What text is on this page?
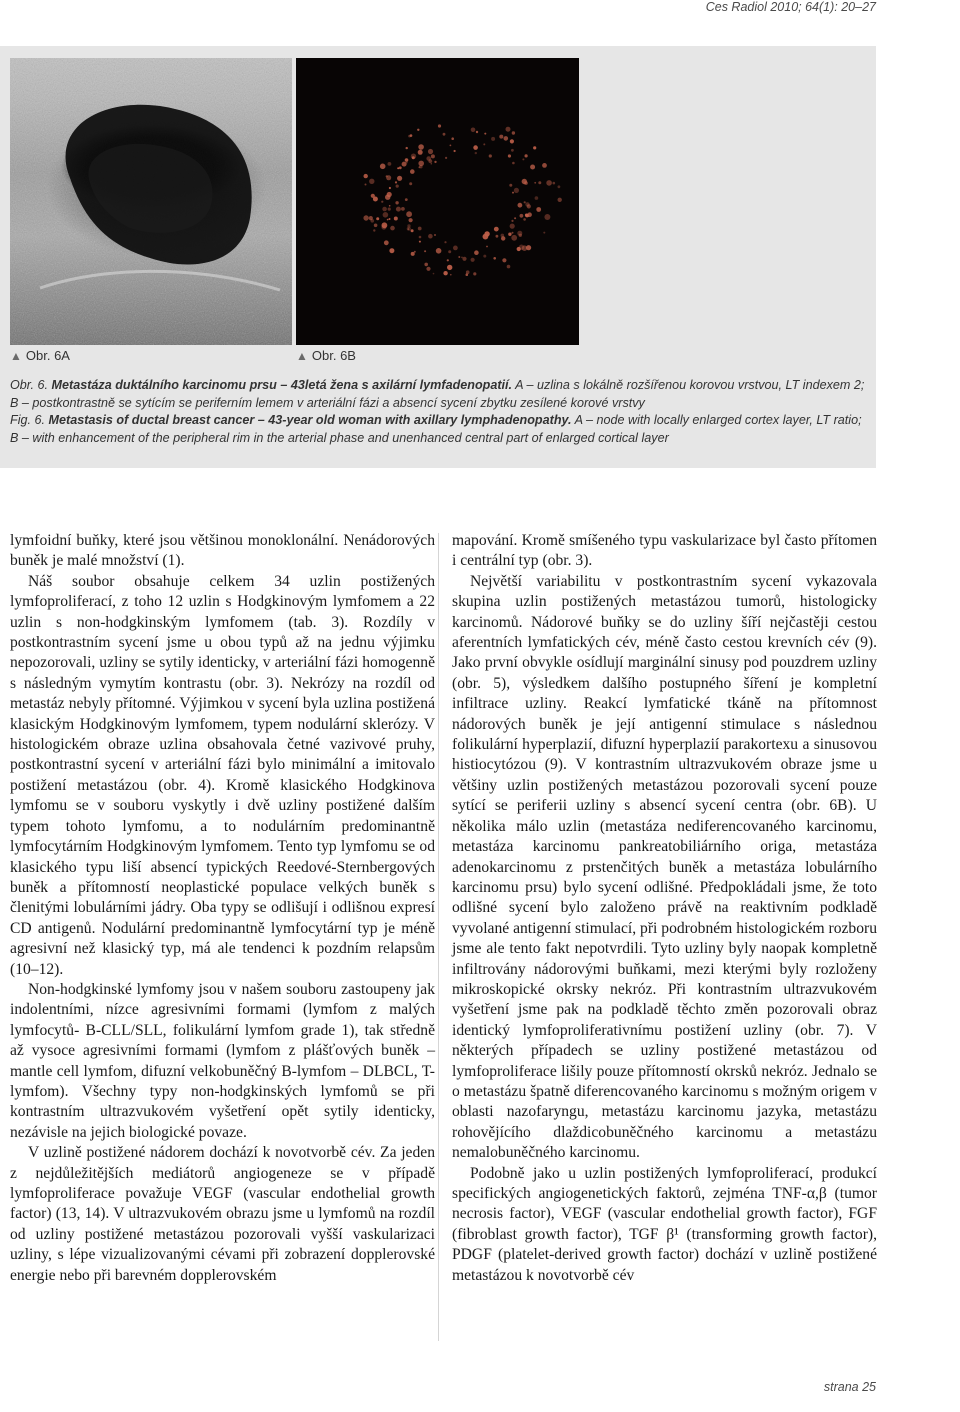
Ces Radiol 2010; 64(1): 20–27
▲ Obr. 6A	▲ Obr. 6B
Obr. 6. Metastáza duktálního karcinomu prsu – 43letá žena s axilární lymfadenopatií. A – uzlina s lokálně rozšířenou korovou vrstvou, LT indexem 2; B – postkontrastně se sytícím se periferním lemem v arteriální fázi a absencí sycení zbytku zesílené korové vrstvy
Fig. 6. Metastasis of ductal breast cancer – 43-year old woman with axillary lymphadenopathy. A – node with locally enlarged cortex layer, LT ratio; B – with enhancement of the peripheral rim in the arterial phase and unenhanced central part of enlarged cortical layer

lymfoidní buňky, které jsou většinou monoklonální. Nenádorových buněk je malé množství (1).

Náš soubor obsahuje celkem 34 uzlin postižených lymfoproliferací, z toho 12 uzlin s Hodgkinovým lymfomem a 22 uzlin s non-hodgkinským lymfomem (tab. 3). Rozdíly v postkontrastním sycení jsme u obou typů až na jednu výjimku nepozorovali, uzliny se sytily identicky, v arteriální fázi homogenně s následným vymytím kontrastu (obr. 3). Nekrózy na rozdíl od metastáz nebyly přítomné. Výjimkou v sycení byla uzlina postižená klasickým Hodgkinovým lymfomem, typem nodulární sklerózy. V histologickém obraze uzlina obsahovala četné vazivové pruhy, postkontrastní sycení v arteriální fázi bylo minimální a imitovalo postižení metastázou (obr. 4). Kromě klasického Hodgkinova lymfomu se v souboru vyskytly i dvě uzliny postižené dalším typem tohoto lymfomu, a to nodulárním predominantně lymfocytárním Hodgkinovým lymfomem. Tento typ lymfomu se od klasického typu liší absencí typických Reedové-Sternbergových buněk a přítomností neoplastické populace velkých buněk s členitými lobulárními jádry. Oba typy se odlišují i odlišnou expresí CD antigenů. Nodulární predominantně lymfocytární typ je méně agresivní než klasický typ, má ale tendenci k pozdním relapsům (10–12).

Non-hodgkinské lymfomy jsou v našem souboru zastoupeny jak indolentními, nízce agresivními formami (lymfom z malých lymfocytů- B-CLL/SLL, folikulární lymfom grade 1), tak středně až vysoce agresivními formami (lymfom z plášťových buněk – mantle cell lymfom, difuzní velkobuněčný B-lymfom – DLBCL, T-lymfom). Všechny typy non-hodgkinských lymfomů se při kontrastním ultrazvukovém vyšetření opět sytily identicky, nezávisle na jejich biologické povaze.

V uzlině postižené nádorem dochází k novotvorbě cév. Za jeden z nejdůležitějších mediátorů angiogeneze se v případě lymfoproliferace považuje VEGF (vascular endothelial growth factor) (13, 14). V ultrazvukovém obrazu jsme u lymfomů na rozdíl od uzliny postižené metastázou pozorovali vyšší vaskularizaci uzliny, s lépe vizualizovanými cévami při zobrazení dopplerovské energie nebo při barevném dopplerovském

mapování. Kromě smíšeného typu vaskularizace byl často přítomen i centrální typ (obr. 3).

Největší variabilitu v postkontrastním sycení vykazovala skupina uzlin postižených metastázou tumorů, histologicky karcinomů. Nádorové buňky se do uzliny šíří nejčastěji cestou aferentních lymfatických cév, méně často cestou krevních cév (9). Jako první obvykle osídlují marginální sinusy pod pouzdrem uzliny (obr. 5), výsledkem dalšího postupného šíření je kompletní infiltrace uzliny. Reakcí lymfatické tkáně na přítomnost nádorových buněk je její antigenní stimulace s následnou folikulární hyperplazií, difuzní hyperplazií parakortexu a sinusovou histiocytózou (9). V kontrastním ultrazvukovém obraze jsme u většiny uzlin postižených metastázou pozorovali sycení pouze sytící se periferii uzliny s absencí sycení centra (obr. 6B). U několika málo uzlin (metastáza nediferencovaného karcinomu, metastáza karcinomu pankreatobiliárního origa, metastáza adenokarcinomu z prstenčitých buněk a metastáza lobulárního karcinomu prsu) bylo sycení odlišné. Předpokládali jsme, že toto odlišné sycení bylo založeno právě na reaktivním podkladě vyvolané antigenní stimulací, při podrobném histologickém rozboru jsme ale tento fakt nepotvrdili. Tyto uzliny byly naopak kompletně infiltrovány nádorovými buňkami, mezi kterými byly rozloženy mikroskopické okrsky nekróz. Při kontrastním ultrazvukovém vyšetření jsme pak na podkladě těchto změn pozorovali obraz identický lymfoproliferativnímu postižení uzliny (obr. 7). V některých případech se uzliny postižené metastázou od lymfoproliferace lišily pouze přítomností okrsků nekróz. Jednalo se o metastázu špatně diferencovaného karcinomu s možným origem v oblasti nazofaryngu, metastázu karcinomu jazyka, metastázu rohovějícího dlaždicobuněčného karcinomu a metastázu nemalobuněčného karcinomu.

Podobně jako u uzlin postižených lymfoproliferací, produkcí specifických angiogenetických faktorů, zejména TNF-α,β (tumor necrosis factor), VEGF (vascular endothelial growth factor), FGF (fibroblast growth factor), TGF β¹ (transforming growth factor), PDGF (platelet-derived growth factor) dochází v uzlině postižené metastázou k novotvorbě cév

strana 25
